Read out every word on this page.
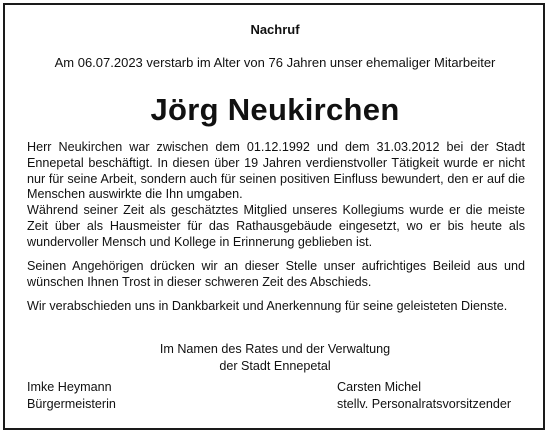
Nachruf
Am 06.07.2023 verstarb im Alter von 76 Jahren unser ehemaliger Mitarbeiter
Jörg Neukirchen

Herr Neukirchen war zwischen dem 01.12.1992 und dem 31.03.2012 bei der Stadt Ennepetal beschäftigt. In diesen über 19 Jahren verdienstvoller Tätigkeit wurde er nicht nur für seine Arbeit, sondern auch für seinen positiven Einfluss bewundert, den er auf die Menschen auswirkte die Ihn umgaben.
Während seiner Zeit als geschätztes Mitglied unseres Kollegiums wurde er die meiste Zeit über als Hausmeister für das Rathausgebäude eingesetzt, wo er bis heute als wundervoller Mensch und Kollege in Erinnerung geblieben ist.

Seinen Angehörigen drücken wir an dieser Stelle unser aufrichtiges Beileid aus und wünschen Ihnen Trost in dieser schweren Zeit des Abschieds.

Wir verabschieden uns in Dankbarkeit und Anerkennung für seine geleisteten Dienste.

Im Namen des Rates und der Verwaltung
der Stadt Ennepetal
Imke Heymann
Bürgermeisterin
Carsten Michel
stellv. Personalratsvorsitzender
